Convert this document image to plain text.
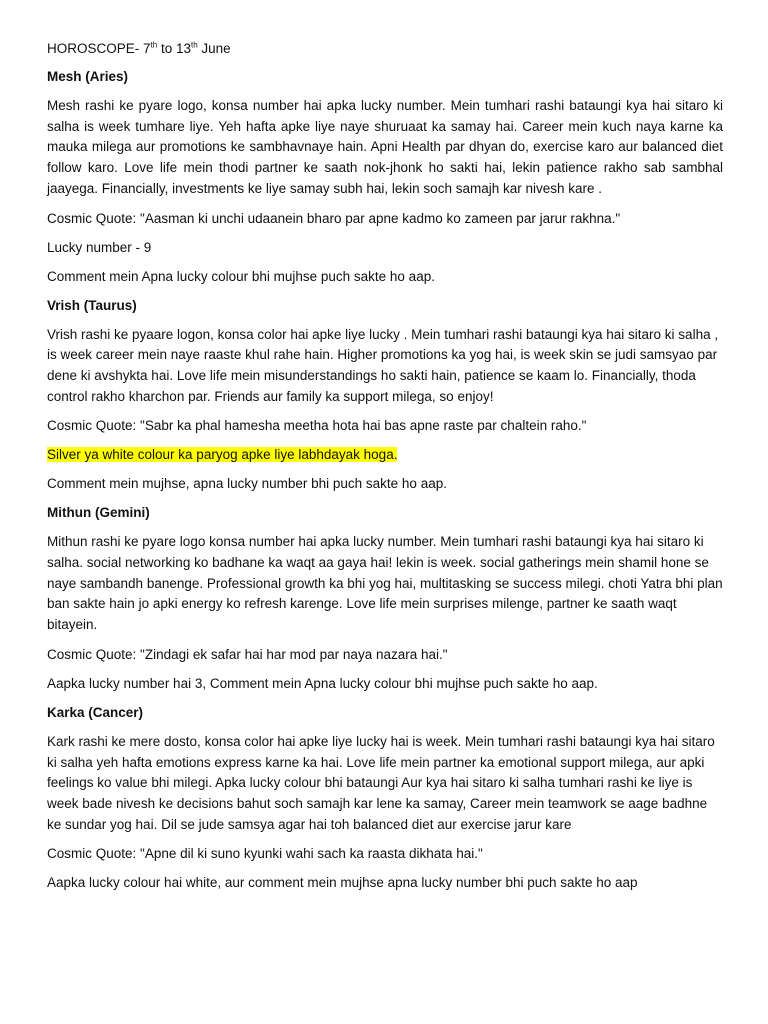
HOROSCOPE- 7th to 13th June

Mesh (Aries)

Mesh rashi ke pyare logo, konsa number hai apka lucky number. Mein tumhari rashi bataungi kya hai sitaro ki salha is week tumhare liye. Yeh hafta apke liye naye shuruaat ka samay hai. Career mein kuch naya karne ka mauka milega aur promotions ke sambhavnaye hain. Apni Health par dhyan do, exercise karo aur balanced diet follow karo. Love life mein thodi partner ke saath nok-jhonk ho sakti hai, lekin patience rakho sab sambhal jaayega. Financially, investments ke liye samay subh hai, lekin soch samajh kar nivesh kare .

Cosmic Quote: "Aasman ki unchi udaanein bharo par apne kadmo ko zameen par jarur rakhna."

Lucky number - 9

Comment mein Apna lucky colour bhi mujhse puch sakte ho aap.

Vrish (Taurus)

Vrish rashi ke pyaare logon, konsa color hai apke liye lucky . Mein tumhari rashi bataungi kya hai sitaro ki salha , is week career mein naye raaste khul rahe hain. Higher promotions ka yog hai, is week skin se judi samsyao par dene ki avshykta hai. Love life mein misunderstandings ho sakti hain, patience se kaam lo. Financially, thoda control rakho kharchon par. Friends aur family ka support milega, so enjoy!

Cosmic Quote: "Sabr ka phal hamesha meetha hota hai bas apne raste par chaltein raho."

Silver ya white colour ka paryog apke liye labhdayak hoga.

Comment mein mujhse, apna lucky number bhi puch sakte ho aap.

Mithun (Gemini)

Mithun rashi ke pyare logo konsa number hai apka lucky number. Mein tumhari rashi bataungi kya hai sitaro ki salha. social networking ko badhane ka waqt aa gaya hai! lekin is week. social gatherings mein shamil hone se naye sambandh banenge. Professional growth ka bhi yog hai, multitasking se success milegi. choti Yatra bhi plan ban sakte hain jo apki energy ko refresh karenge. Love life mein surprises milenge, partner ke saath waqt bitayein.

Cosmic Quote: "Zindagi ek safar hai har mod par naya nazara hai."

Aapka lucky number hai 3, Comment mein Apna lucky colour bhi mujhse puch sakte ho aap.

Karka (Cancer)

Kark rashi ke mere dosto, konsa color hai apke liye lucky hai is week. Mein tumhari rashi bataungi kya hai sitaro ki salha yeh hafta emotions express karne ka hai. Love life mein partner ka emotional support milega, aur apki feelings ko value bhi milegi. Apka lucky colour bhi bataungi Aur kya hai sitaro ki salha tumhari rashi ke liye is week bade nivesh ke decisions bahut soch samajh kar lene ka samay, Career mein teamwork se aage badhne ke sundar yog hai. Dil se jude samsya agar hai toh balanced diet aur exercise jarur kare

Cosmic Quote: "Apne dil ki suno kyunki wahi sach ka raasta dikhata hai."

Aapka lucky colour hai white, aur comment mein mujhse apna lucky number bhi puch sakte ho aap
